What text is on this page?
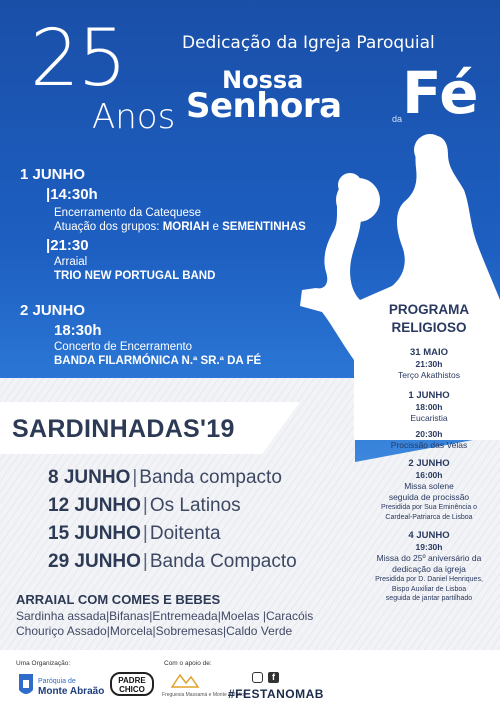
25
Anos
Dedicação da Igreja Paroquial
Nossa
Senhora	da Fé
1 JUNHO
|14:30h
Encerramento da Catequese
Atuação dos grupos: MORIAH e SEMENTINHAS
|21:30
Arraial
TRIO NEW PORTUGAL BAND
2 JUNHO
18:30h
Concerto de Encerramento
BANDA FILARMÓNICA N.ª SR.ª DA FÉ
PROGRAMA RELIGIOSO
31 MAIO
21:30h
Terço Akathistos
1 JUNHO
18:00h
Eucaristia
20:30h
Procissão das Velas
2 JUNHO
16:00h
Missa solene
seguida de procissão
Presidida por Sua Eminência o
Cardeal-Patriarca de Lisboa
4 JUNHO
19:30h
Missa do 25º aniversário da
dedicação da igreja
Presidida por D. Daniel Henriques,
Bispo Auxiliar de Lisboa
seguida de jantar partilhado
SARDINHADAS'19
8 JUNHO | Banda compacto
12 JUNHO | Os Latinos
15 JUNHO | Doitenta
29 JUNHO | Banda Compacto
ARRAIAL COM COMES E BEBES
Sardinha assada|Bifanas|Entremeada|Moelas |Caracóis
Chouriço Assado|Morcela|Sobremesas|Caldo Verde
Uma Organização:
Paróquia de
Monte Abraão
PADRE
CHICO
Com o apoio de:
Freguesia Massamá e Monte Abraão
f
#FESTANOMAB
